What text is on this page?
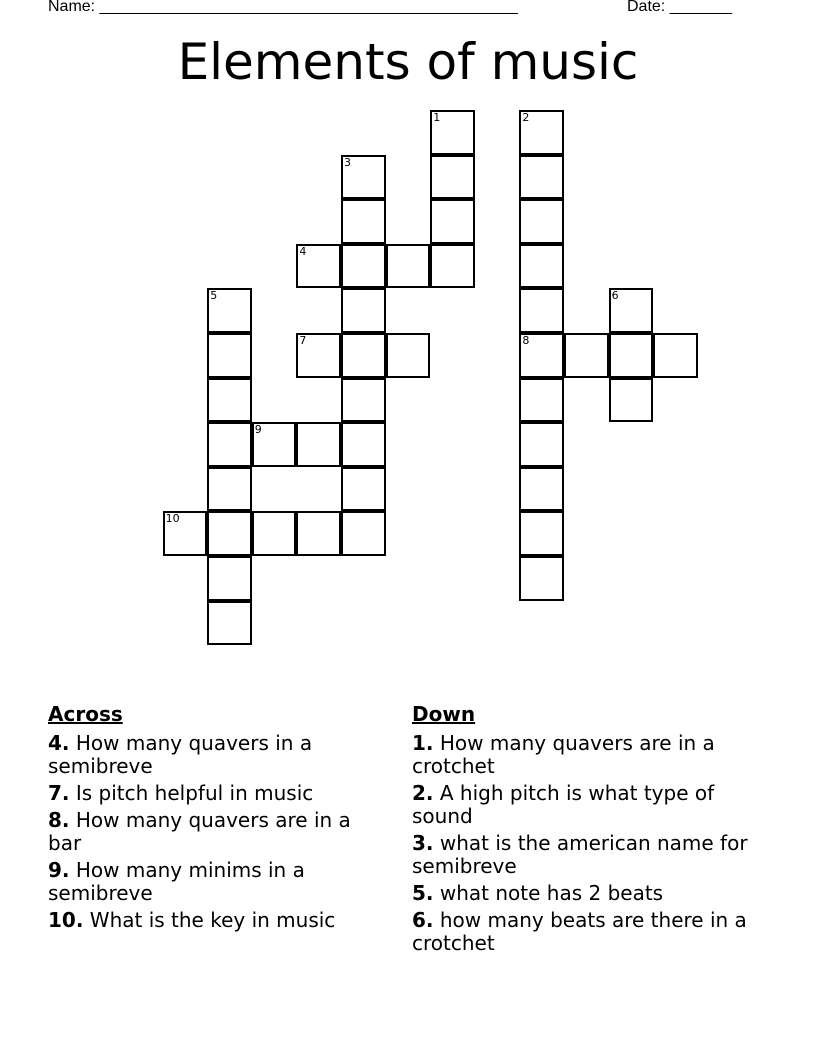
Name: _______________________________________________	Date: _______
Elements of music
1	2
8
3
4
5	6
7
9
10
Across
4. How many quavers in a semibreve
7. Is pitch helpful in music
8. How many quavers are in a bar
9. How many minims in a semibreve
10. What is the key in music
Down
1. How many quavers are in a crotchet
2. A high pitch is what type of sound
3. what is the american name for semibreve
5. what note has 2 beats
6. how many beats are there in a crotchet
